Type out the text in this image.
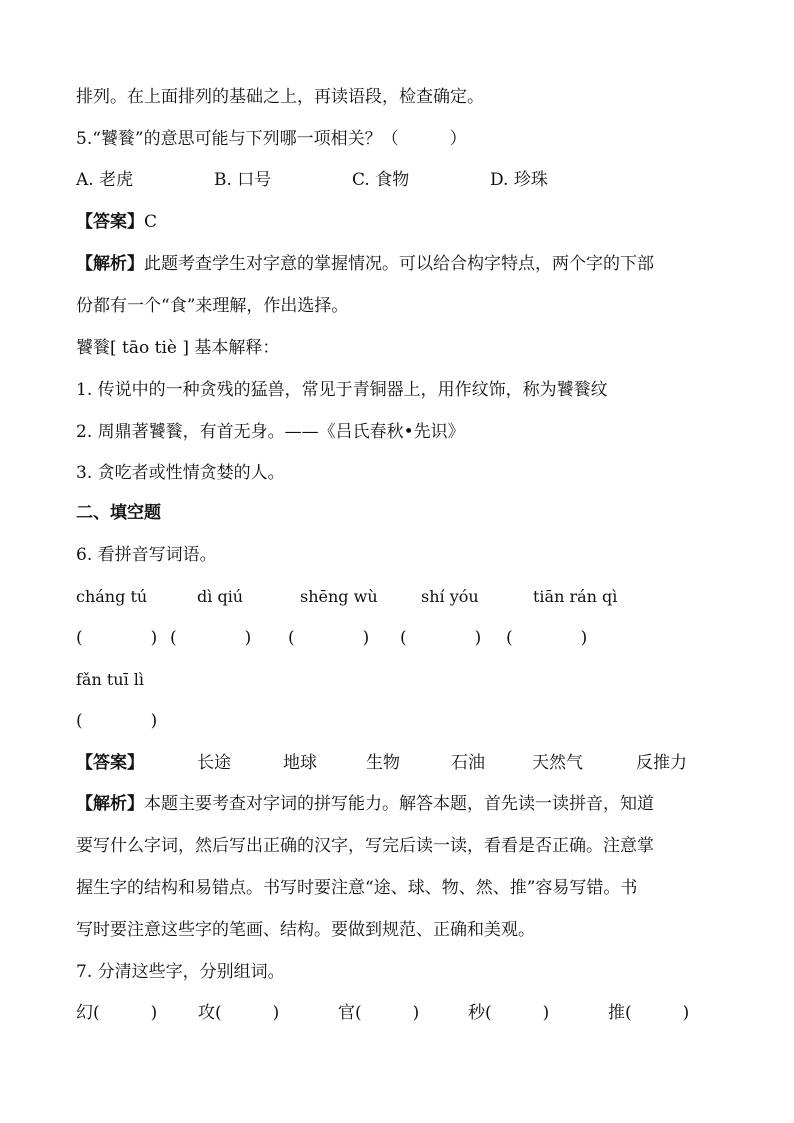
排列。在上面排列的基础之上，再读语段，检查确定。
5.“饕餮”的意思可能与下列哪一项相关？（　　　）
A. 老虎	B. 口号	C. 食物	D. 珍珠
【答案】C
【解析】此题考查学生对字意的掌握情况。可以给合构字特点，两个字的下部
份都有一个“食”来理解，作出选择。
饕餮[ tāo tiè ] 基本解释：
1. 传说中的一种贪残的猛兽，常见于青铜器上，用作纹饰，称为饕餮纹
2. 周鼎著饕餮，有首无身。——《吕氏春秋•先识》
3. 贪吃者或性情贪婪的人。
二、填空题
6. 看拼音写词语。
cháng tú	dì qiú	shēng wù	shí yóu	tiān rán qì
(　　　　) (　　　　) (　　　　) (　　　　) (　　　　)
fǎn tuī lì
(　　　　)
【答案】	长途	地球	生物	石油	天然气	反推力
【解析】本题主要考查对字词的拼写能力。解答本题，首先读一读拼音，知道
要写什么字词，然后写出正确的汉字，写完后读一读，看看是否正确。注意掌
握生字的结构和易错点。书写时要注意“途、球、物、然、推”容易写错。书
写时要注意这些字的笔画、结构。要做到规范、正确和美观。
7. 分清这些字，分别组词。
幻(　　　) 攻(　　　)	官(　　　)	秒(　　　)	推(　　　)
